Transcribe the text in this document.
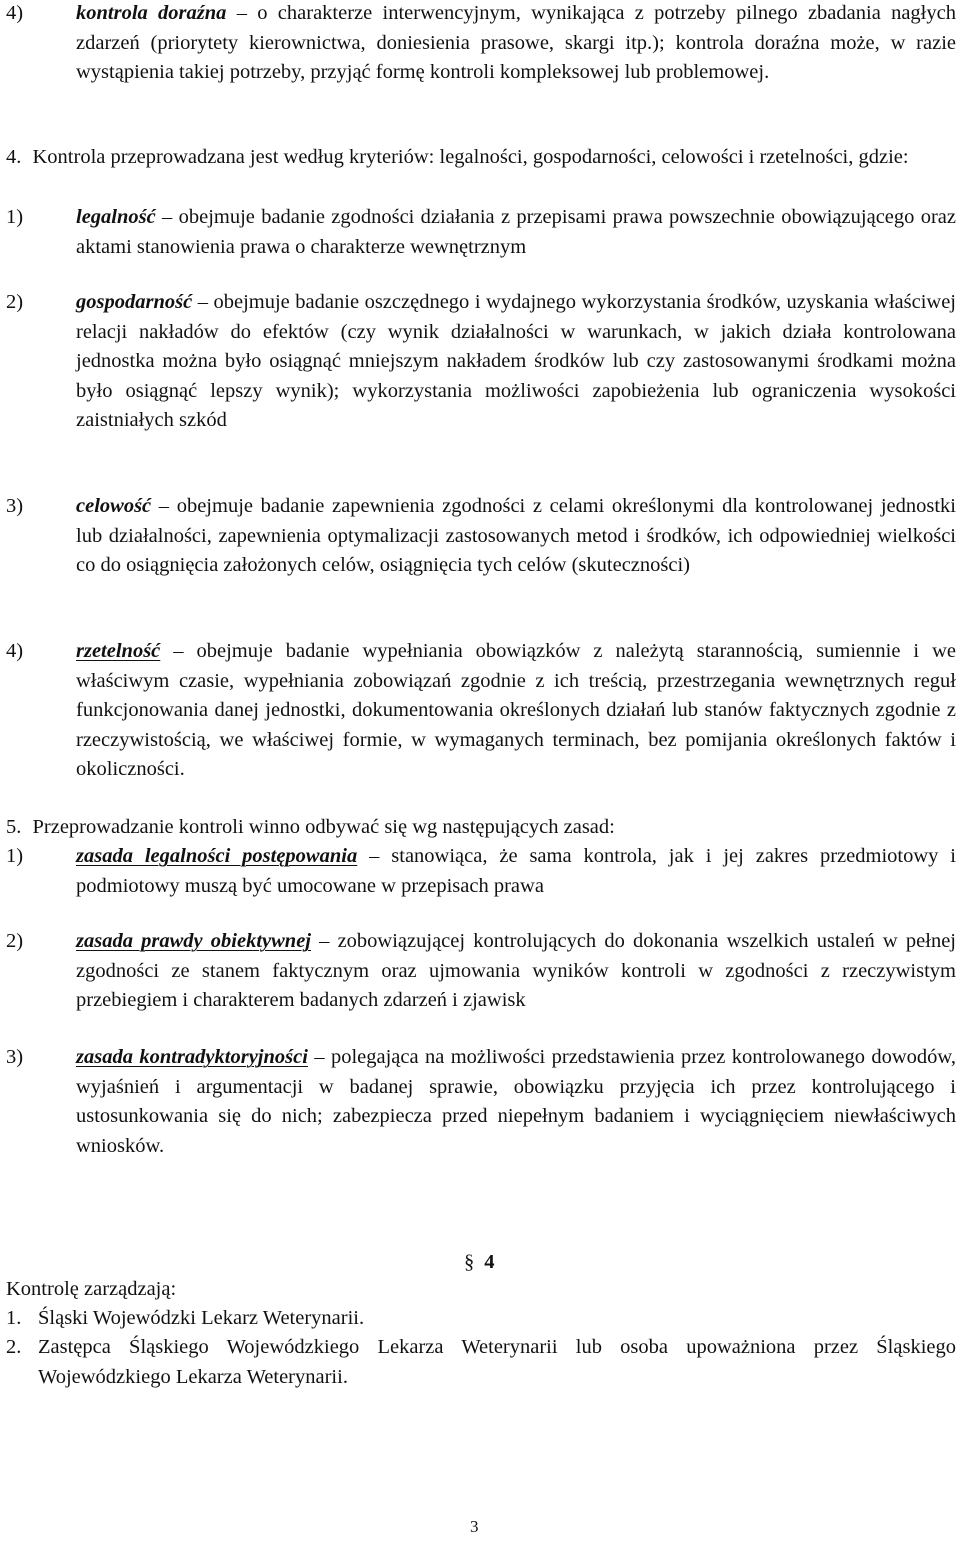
4)	kontrola doraźna – o charakterze interwencyjnym, wynikająca z potrzeby pilnego zbadania nagłych zdarzeń (priorytety kierownictwa, doniesienia prasowe, skargi itp.); kontrola doraźna może, w razie wystąpienia takiej potrzeby, przyjąć formę kontroli kompleksowej lub problemowej.
4. Kontrola przeprowadzana jest według kryteriów: legalności, gospodarności, celowości i rzetelności, gdzie:
1)	legalność – obejmuje badanie zgodności działania z przepisami prawa powszechnie obowiązującego oraz aktami stanowienia prawa o charakterze wewnętrznym
2)	gospodarność – obejmuje badanie oszczędnego i wydajnego wykorzystania środków, uzyskania właściwej relacji nakładów do efektów (czy wynik działalności w warunkach, w jakich działa kontrolowana jednostka można było osiągnąć mniejszym nakładem środków lub czy zastosowanymi środkami można było osiągnąć lepszy wynik); wykorzystania możliwości zapobieżenia lub ograniczenia wysokości zaistniałych szkód
3)	celowość – obejmuje badanie zapewnienia zgodności z celami określonymi dla kontrolowanej jednostki lub działalności, zapewnienia optymalizacji zastosowanych metod i środków, ich odpowiedniej wielkości co do osiągnięcia założonych celów, osiągnięcia tych celów (skuteczności)
4)	rzetelność – obejmuje badanie wypełniania obowiązków z należytą starannością, sumiennie i we właściwym czasie, wypełniania zobowiązań zgodnie z ich treścią, przestrzegania wewnętrznych reguł funkcjonowania danej jednostki, dokumentowania określonych działań lub stanów faktycznych zgodnie z rzeczywistością, we właściwej formie, w wymaganych terminach, bez pomijania określonych faktów i okoliczności.
5. Przeprowadzanie kontroli winno odbywać się wg następujących zasad:
1)	zasada legalności postępowania – stanowiąca, że sama kontrola, jak i jej zakres przedmiotowy i podmiotowy muszą być umocowane w przepisach prawa
2)	zasada prawdy obiektywnej – zobowiązującej kontrolujących do dokonania wszelkich ustaleń w pełnej zgodności ze stanem faktycznym oraz ujmowania wyników kontroli w zgodności z rzeczywistym przebiegiem i charakterem badanych zdarzeń i zjawisk
3)	zasada kontradyktoryjności – polegająca na możliwości przedstawienia przez kontrolowanego dowodów, wyjaśnień i argumentacji w badanej sprawie, obowiązku przyjęcia ich przez kontrolującego i ustosunkowania się do nich; zabezpiecza przed niepełnym badaniem i wyciągnięciem niewłaściwych wniosków.
§ 4
Kontrolę zarządzają:
1. Śląski Wojewódzki Lekarz Weterynarii.
2. Zastępca Śląskiego Wojewódzkiego Lekarza Weterynarii lub osoba upoważniona przez Śląskiego Wojewódzkiego Lekarza Weterynarii.
3
